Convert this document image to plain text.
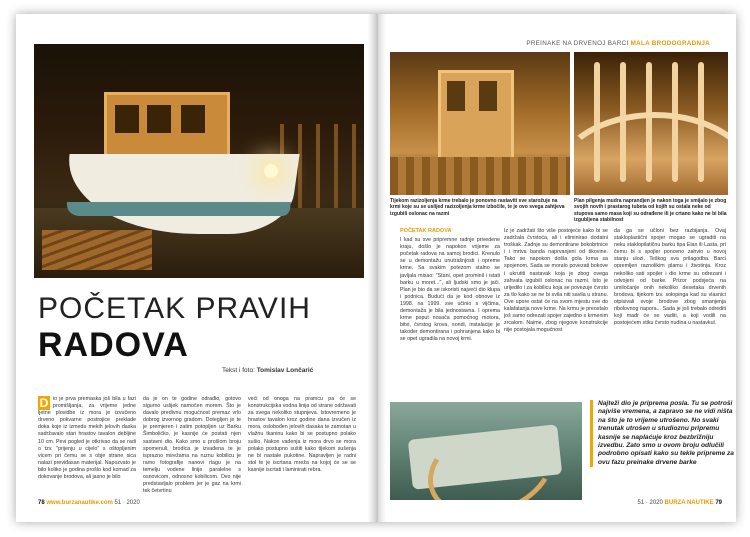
POČETAK PRAVIH
RADOVA
Tekst i foto: Tomislav Lončarić
D io je prva premaska još bila u fazi promišljanja, za vrijeme jedne ljetne plovidbe iz mora je izvučeno drveno pokvarne postrojice preklade doka koje iz izmedu mekih jelovih daska sadržavalo stari hrastov tavalon debljine 10 cm. Pevi pogled je otkrivao da se radi o tzv. "prijenju u cijelo" s oštopljenim vicem pri čemu se s obje strane sica nalazi previđasan materijal. Napozvato je bilo koliko je godina prošlo kod komad za dokovanje brodova, ali jasno je bilo
da je on te godine odrađio, gotovo sigurno uslijek namočen morem. Što je davalo predivnu mogućnost premaz vrlo dobrog izvornog gradom. Dotegljen je te je premjeren i zatim potopljen uz Barku Šimbolićko, je kasnije će postati njen sastavni dio. Kako smo u prošlom broju spomenuli, brodica je izvađena te je isprazno mirežama na ruznu kobilicu je ramo fotografije nanovi rlagu je na temelju vodene linije paralelne s osnovicom, odnosno kobilicom. Ovo nije predstavljalo problem jer je gaz na krmi tek četvrtinu
veći od onoga na pramcu pa će se konstrukcijska vodna linija od strane održavati za svega nekoliko stupnjeva. Istovremeno je hrastov tavalon kroz godine dana izvučen iz mora, oslobođen jelovih dasaka te zamotan u vlažnu tkaninu kako bi se postupno polako sušio. Nakon vađenja iz mora drvo se mora polako postupno sušiti kako tijekom sušenja ne bi nastale pukotine. Napravljen je radni stol te je iscrtana mreža na kojoj će se se kasnije iscrtati i laminirati rebra.
78 www.burzanautike.com 51 · 2020
PREINAKE NA DRVENOJ BARCI MALA BRODOGRADNJA
Tijekom razizoljenja krme trebalo je ponovno rastaviti sve starožuje na krmi koje su se uslijed razizoljenja krme izbočile, te je ovo svega zahtjeva izgubili oslonac na razmi
Plan pilgenja mudra naprandjen je nakon toga je smijalo je zbog svojih novih i prastarog tubeta od kojih su ostala neke od stupova samo masa koji su odrađene ili je crtano kako ne bi bila izgubljena stabilnost
POČETAK RADOVA
I kad su sve pripremne radnje privedene kraju, došlo je napokon vrijeme za početak radova na samoj brodici. Krenulo se u demontažu unutrašnjosti i opreme krme. Sa svakim potezom stalno se javljala misao: "Stani, opet prominil i istati barku u moret...", ali ljudski smo je jači. Plan je bio da se iskoristi najveći dio klupa i podnica. Budući da je kod obnove iz 1998. na 1999. sve učinio s vijčima, demontaža je bila jednostavna. I oprema krme poput nosača pomoćnog motora, bitvi, čvrstog krova, sondi, instalacije je također demontirana i pohranjena kako bi se opet ugradila na novoj krmi.
Iz je zadržati što više postojeće kako bi se zadržala čvrstoća, ali i eliminirao dodatni troškak. Zadnje su demontirane bokobrtnice i i mrtva banda naprvanjeni od tikovine. Tako se napokon došla gola krma sa spojenom. Sada se moralo povezati bokove i ukrutiti nastavak koja je zbog ovega zahvata izgubili oslonac na razmi. Isto je urijedilo i za kobilicu koja se povezuje čvrsto za tlo kako se ne bi svila niti savila u stranu. Ove upore ostat će na svom mjestu sve do kalafatanja nove krme. Na krmu je preostalo još samo odrezati spojer zajedno s krmenim zrcalom. Naime, zbog njegove konstrukcije nije postojala mogućnost
da ga se učloni bez razbijanja. Ovaj stakloplastični spojer mogao se ugraditi na neku staklopilatičnu barku tipa Elan ili Lasta, pri čemu bi s spojler ponovno zahvio u novoj stanju ulozi. Teškog sva prilagodba. Barci opremljen raznolikim plamu i životinja. Kroz nekoliko sati spojler i dio krme su odrezani i odvojeni od barke. Prizor podsjeća na umiločanje onih nekoliko desetaka drvenih brodova, tijekom tzv. sołopinga kad su vlasnici otpisivali svoje brodove zbog smanjenja ribolovnog napora... Sada je još trebalo odrediti koji mađr će se vaditi, a koji vodili na postojećem stiku čvrsto nudina u nastavkul.
Najteži dio je priprema posla. Tu se potroši najviše vremena, a zapravo se ne vidi ništa na što je to vrijeme utrošeno. No svaki trenutak utrošen u studioznu pripremu kasnije se naplaćuje kroz bezbrižniju izvedbu. Zato smo u ovom broju odlučili podrobno opisati kako su tekle pripreme za ovu fazu preinake drvene barke
51 · 2020 BURZA NAUTIKE 79
